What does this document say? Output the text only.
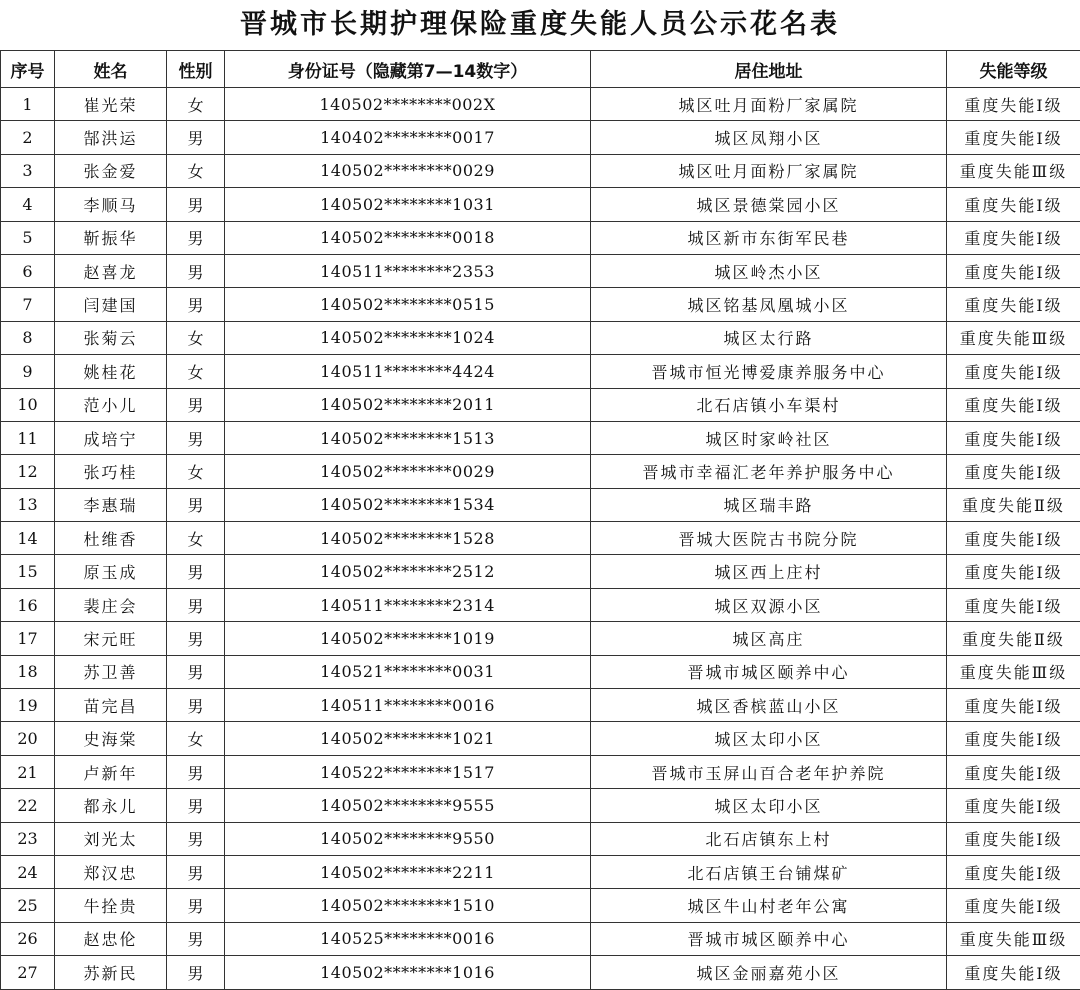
晋城市长期护理保险重度失能人员公示花名表
序号	姓名	性别	身份证号（隐藏第7—14数字）	居住地址	失能等级
1	崔光荣	女	140502********002X	城区吐月面粉厂家属院	重度失能Ⅰ级
2	郜洪运	男	140402********0017	城区凤翔小区	重度失能Ⅰ级
3	张金爱	女	140502********0029	城区吐月面粉厂家属院	重度失能Ⅲ级
4	李顺马	男	140502********1031	城区景德棠园小区	重度失能Ⅰ级
5	靳振华	男	140502********0018	城区新市东街军民巷	重度失能Ⅰ级
6	赵喜龙	男	140511********2353	城区岭杰小区	重度失能Ⅰ级
7	闫建国	男	140502********0515	城区铭基凤凰城小区	重度失能Ⅰ级
8	张菊云	女	140502********1024	城区太行路	重度失能Ⅲ级
9	姚桂花	女	140511********4424	晋城市恒光博爱康养服务中心	重度失能Ⅰ级
10	范小儿	男	140502********2011	北石店镇小车渠村	重度失能Ⅰ级
11	成培宁	男	140502********1513	城区时家岭社区	重度失能Ⅰ级
12	张巧桂	女	140502********0029	晋城市幸福汇老年养护服务中心	重度失能Ⅰ级
13	李惠瑞	男	140502********1534	城区瑞丰路	重度失能Ⅱ级
14	杜维香	女	140502********1528	晋城大医院古书院分院	重度失能Ⅰ级
15	原玉成	男	140502********2512	城区西上庄村	重度失能Ⅰ级
16	裴庄会	男	140511********2314	城区双源小区	重度失能Ⅰ级
17	宋元旺	男	140502********1019	城区高庄	重度失能Ⅱ级
18	苏卫善	男	140521********0031	晋城市城区颐养中心	重度失能Ⅲ级
19	苗完昌	男	140511********0016	城区香槟蓝山小区	重度失能Ⅰ级
20	史海棠	女	140502********1021	城区太印小区	重度失能Ⅰ级
21	卢新年	男	140522********1517	晋城市玉屏山百合老年护养院	重度失能Ⅰ级
22	都永儿	男	140502********9555	城区太印小区	重度失能Ⅰ级
23	刘光太	男	140502********9550	北石店镇东上村	重度失能Ⅰ级
24	郑汉忠	男	140502********2211	北石店镇王台铺煤矿	重度失能Ⅰ级
25	牛拴贵	男	140502********1510	城区牛山村老年公寓	重度失能Ⅰ级
26	赵忠伦	男	140525********0016	晋城市城区颐养中心	重度失能Ⅲ级
27	苏新民	男	140502********1016	城区金丽嘉苑小区	重度失能Ⅰ级
